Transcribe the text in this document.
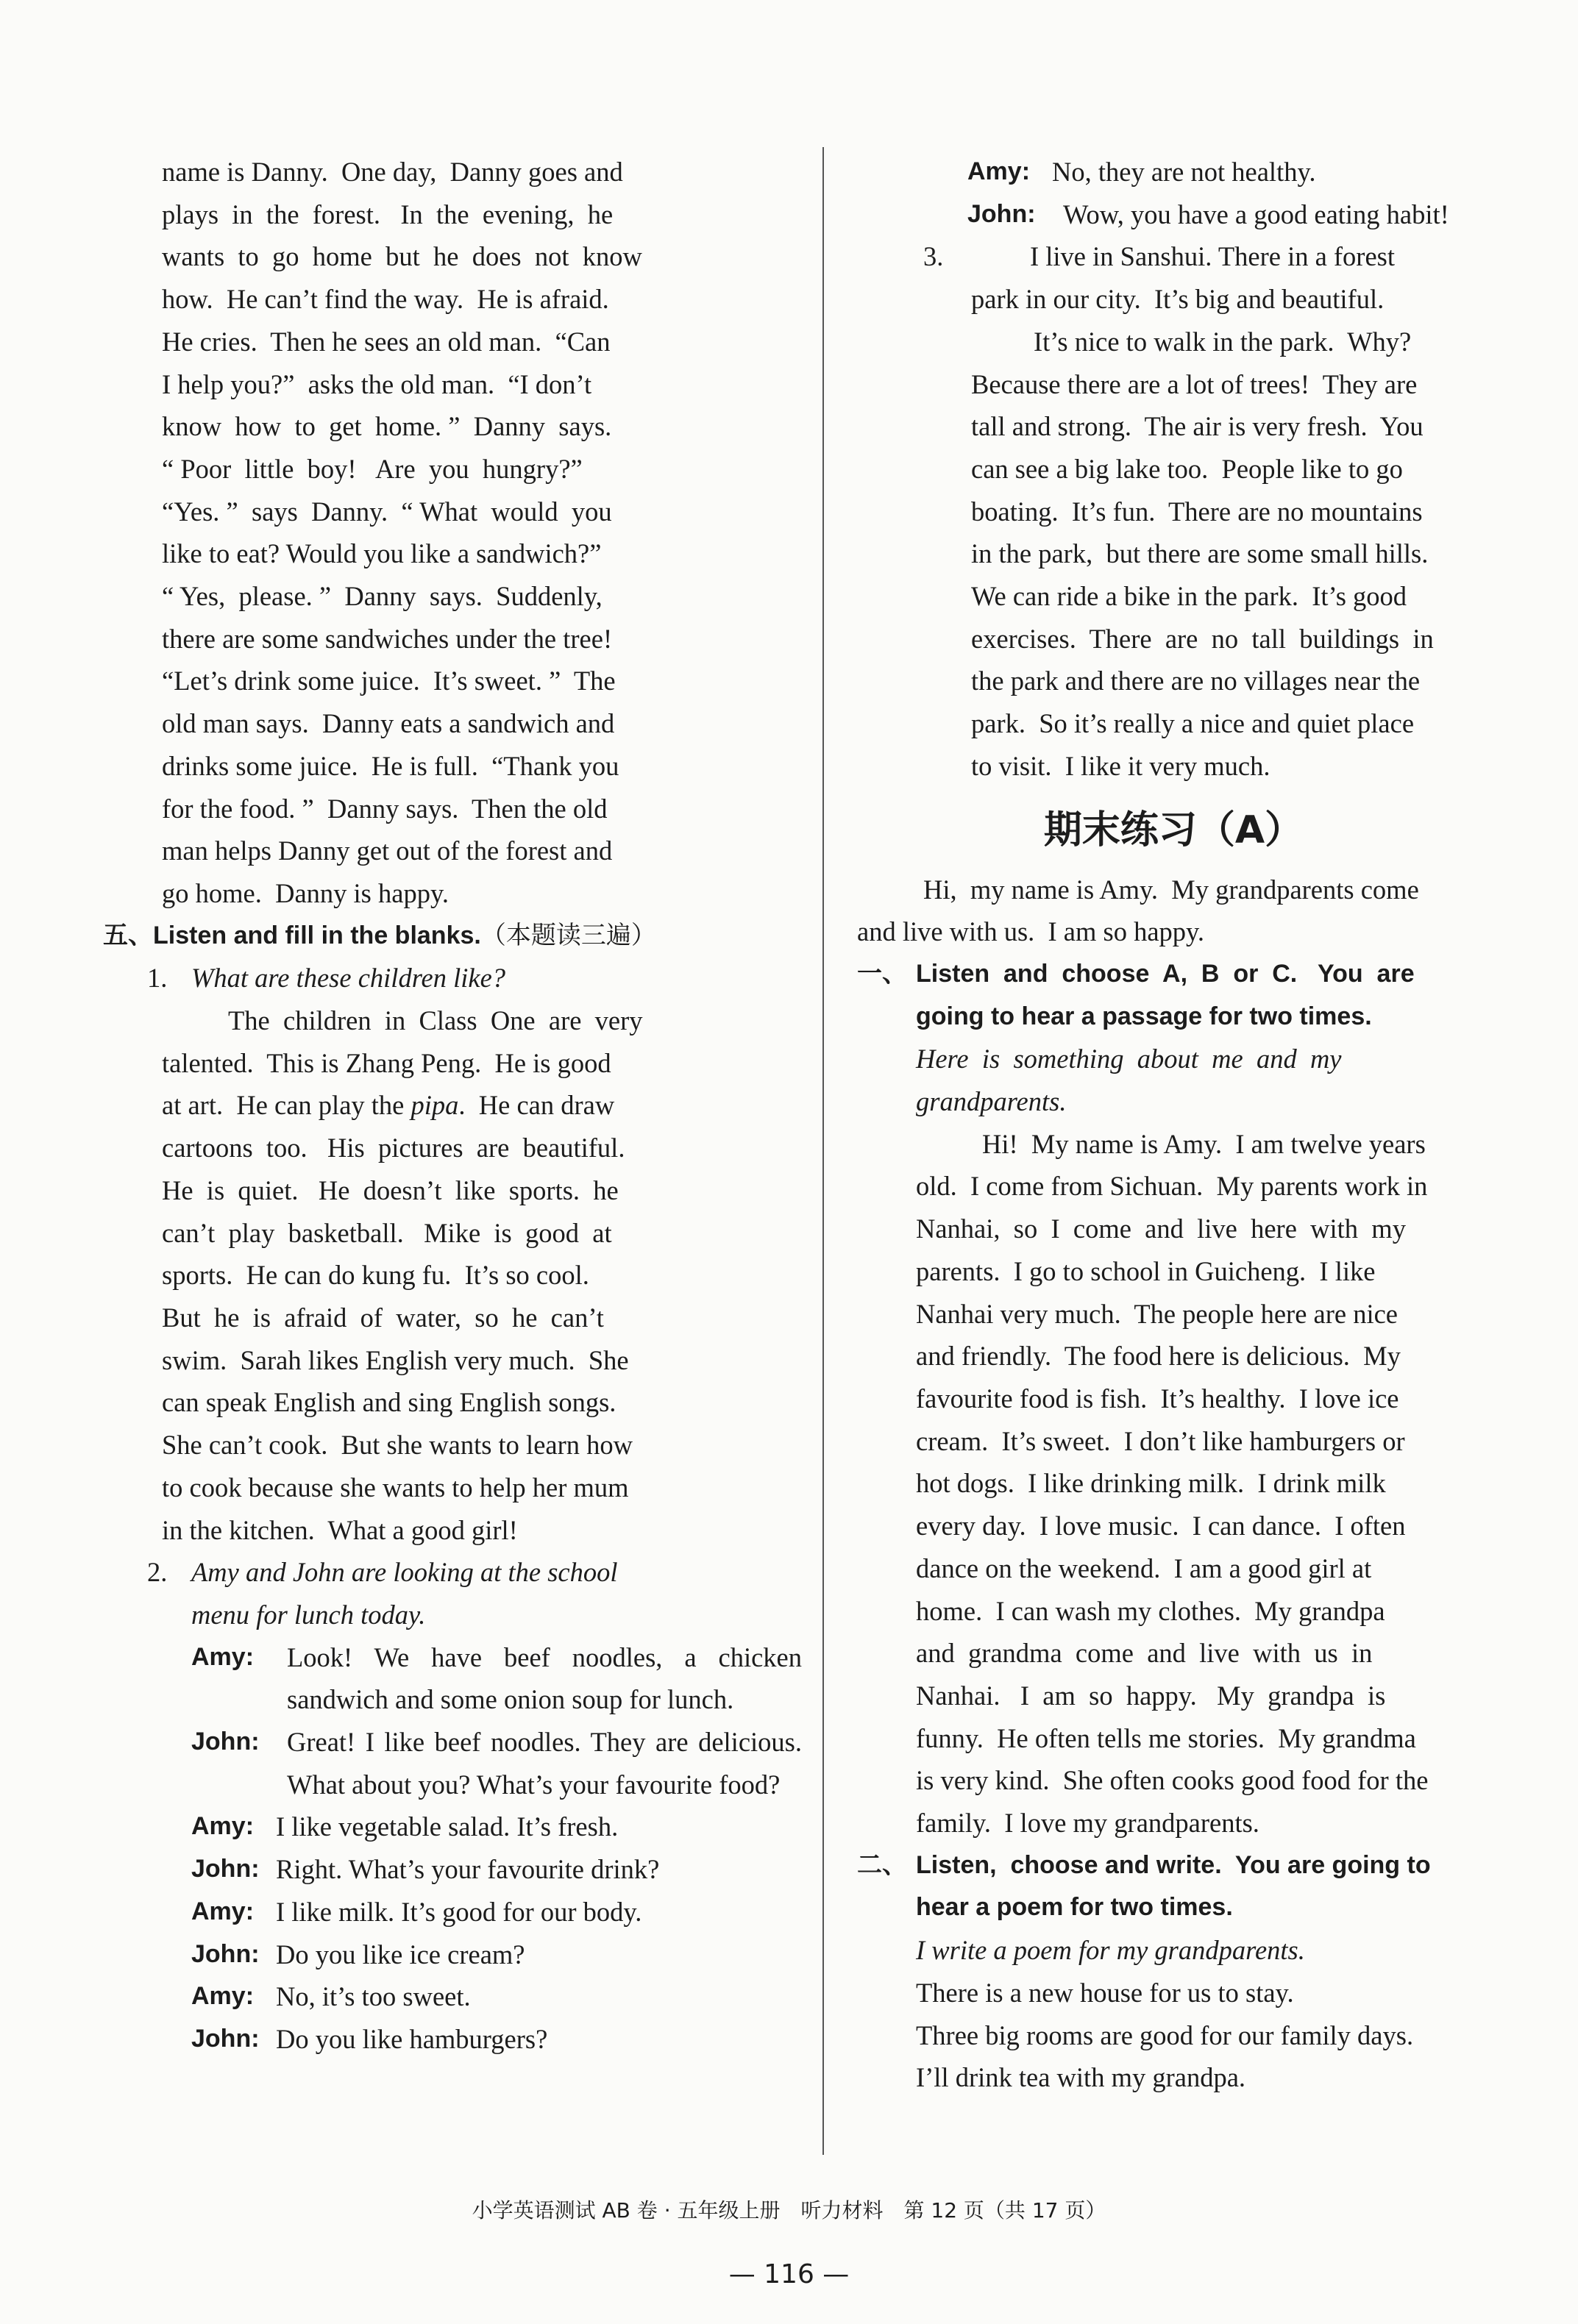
name is Danny.  One day,  Danny goes and

plays  in  the  forest.   In  the  evening,  he

wants  to  go  home  but  he  does  not  know

how.  He can’t find the way.  He is afraid.

He cries.  Then he sees an old man.  “Can

I help you?”  asks the old man.  “I don’t

know  how  to  get  home. ”  Danny  says.

“ Poor  little  boy!   Are  you  hungry?”

“Yes. ”  says  Danny.  “ What  would  you

like to eat? Would you like a sandwich?”

“ Yes,  please. ”  Danny  says.  Suddenly,

there are some sandwiches under the tree!

“Let’s drink some juice.  It’s sweet. ”  The

old man says.  Danny eats a sandwich and

drinks some juice.  He is full.  “Thank you

for the food. ”  Danny says.  Then the old

man helps Danny get out of the forest and

go home.  Danny is happy.

五、 Listen and fill in the blanks. （本题读三遍）
1. What are these children like?

The  children  in  Class  One  are  very

talented.  This is Zhang Peng.  He is good

at art.  He can play the pipa.  He can draw

cartoons  too.   His  pictures  are  beautiful.

He  is  quiet.   He  doesn’t  like  sports.  he

can’t  play  basketball.   Mike  is  good  at

sports.  He can do kung fu.  It’s so cool.

But  he  is  afraid  of  water,  so  he  can’t

swim.  Sarah likes English very much.  She

can speak English and sing English songs.

She can’t cook.  But she wants to learn how

to cook because she wants to help her mum

in the kitchen.  What a good girl!

2. Amy and John are looking at the school

menu for lunch today.

Amy:	Look! We have beef noodles, a chicken sandwich and some onion soup for lunch.
John:	Great! I like beef noodles. They are delicious. What about you? What’s your favourite food?
Amy: I like vegetable salad. It’s fresh.
John: Right. What’s your favourite drink?
Amy: I like milk. It’s good for our body.
John: Do you like ice cream?
Amy: No, it’s too sweet.
John: Do you like hamburgers?
Amy: No, they are not healthy.
John:	Wow, you have a good eating habit!
3.	I live in Sanshui. There in a forest

park in our city.  It’s big and beautiful.

It’s nice to walk in the park.  Why?

Because there are a lot of trees!  They are

tall and strong.  The air is very fresh.  You

can see a big lake too.  People like to go

boating.  It’s fun.  There are no mountains

in the park,  but there are some small hills.

We can ride a bike in the park.  It’s good

exercises.  There  are  no  tall  buildings  in

the park and there are no villages near the

park.  So it’s really a nice and quiet place

to visit.  I like it very much.

期末练习（A）

Hi,  my name is Amy.  My grandparents come

and live with us.  I am so happy.

一、 Listen  and  choose  A,  B  or  C.   You  are
going to hear a passage for two times.

Here  is  something  about  me  and  my

grandparents.

Hi!  My name is Amy.  I am twelve years

old.  I come from Sichuan.  My parents work in

Nanhai,  so  I  come  and  live  here  with  my

parents.  I go to school in Guicheng.  I like

Nanhai very much.  The people here are nice

and friendly.  The food here is delicious.  My

favourite food is fish.  It’s healthy.  I love ice

cream.  It’s sweet.  I don’t like hamburgers or

hot dogs.  I like drinking milk.  I drink milk

every day.  I love music.  I can dance.  I often

dance on the weekend.  I am a good girl at

home.  I can wash my clothes.  My grandpa

and  grandma  come  and  live  with  us  in

Nanhai.   I  am  so  happy.   My  grandpa  is

funny.  He often tells me stories.  My grandma

is very kind.  She often cooks good food for the

family.  I love my grandparents.

二、 Listen,  choose and write.  You are going to
hear a poem for two times.

I write a poem for my grandparents.

There is a new house for us to stay.

Three big rooms are good for our family days.

I’ll drink tea with my grandpa.

小学英语测试 AB 卷 · 五年级上册　听力材料　第 12 页（共 17 页）
— 116 —
